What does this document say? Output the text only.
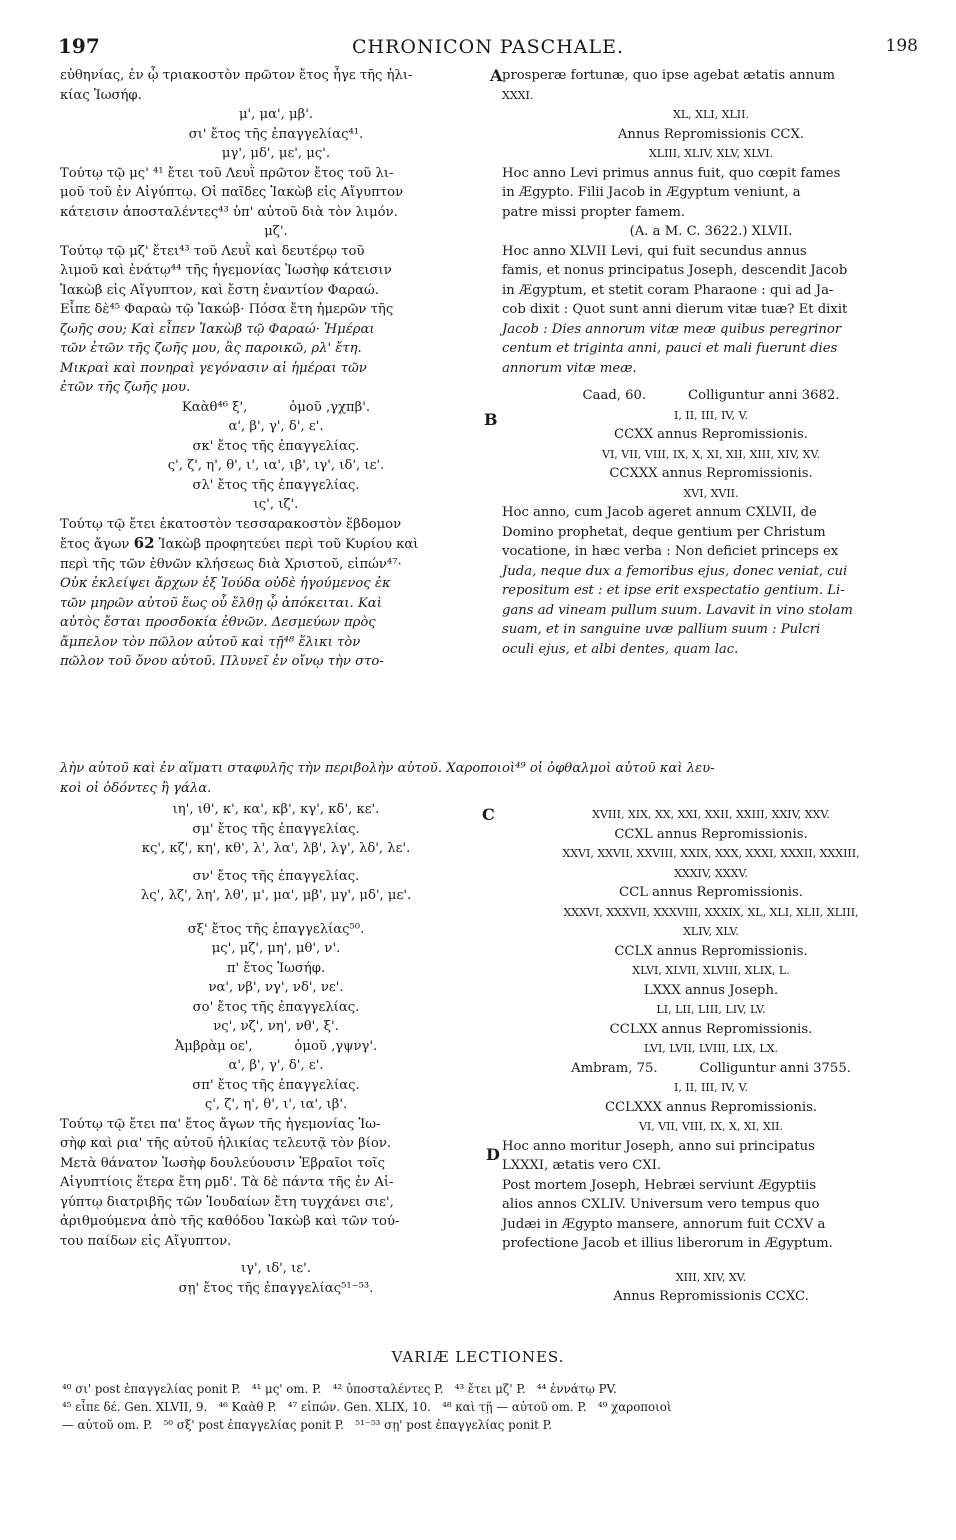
197	CHRONICON PASCHALE.	198

εὐθηνίας, ἐν ᾧ τριακοστὸν πρῶτον ἔτος ἦγε τῆς ἡλι-

κίας Ἰωσήφ.

μ', μα', μβ'.

σι' ἔτος τῆς ἐπαγγελίας⁴¹.

μγ', μδ', με', μς'.

Τούτῳ τῷ μς' ⁴¹ ἔτει τοῦ Λευῒ πρῶτον ἔτος τοῦ λι-

μοῦ τοῦ ἐν Αἰγύπτῳ. Οἱ παῖδες Ἰακὼβ εἰς Αἴγυπτον

κάτεισιν ἀποσταλέντες⁴³ ὑπ' αὐτοῦ διὰ τὸν λιμόν.

μζ'.

Τούτῳ τῷ μζ' ἔτει⁴³ τοῦ Λευῒ καὶ δευτέρῳ τοῦ

λιμοῦ καὶ ἐνάτῳ⁴⁴ τῆς ἡγεμονίας Ἰωσὴφ κάτεισιν

Ἰακὼβ εἰς Αἴγυπτον, καὶ ἔστη ἐναντίον Φαραώ.

Εἶπε δὲ⁴⁵ Φαραὼ τῷ Ἰακώβ· Πόσα ἔτη ἡμερῶν τῆς

ζωῆς σου; Καὶ εἶπεν Ἰακὼβ τῷ Φαραώ· Ἡμέραι

τῶν ἐτῶν τῆς ζωῆς μου, ἃς παροικῶ, ρλ' ἔτη.

Μικραὶ καὶ πονηραὶ γεγόνασιν αἱ ἡμέραι τῶν

ἐτῶν τῆς ζωῆς μου.

Καὰθ⁴⁶ ξ',          ὁμοῦ ‚γχπβ'.

α', β', γ', δ', ε'.

σκ' ἔτος τῆς ἐπαγγελίας.

ς', ζ', η', θ', ι', ια', ιβ', ιγ', ιδ', ιε'.

σλ' ἔτος τῆς ἐπαγγελίας.

ις', ιζ'.

Τούτῳ τῷ ἔτει ἑκατοστὸν τεσσαρακοστὸν ἕβδομον

ἔτος ἄγων 62 Ἰακὼβ προφητεύει περὶ τοῦ Κυρίου καὶ

περὶ τῆς τῶν ἐθνῶν κλήσεως διὰ Χριστοῦ, εἰπών⁴⁷·

Οὐκ ἐκλείψει ἄρχων ἐξ Ἰούδα οὐδὲ ἡγούμενος ἐκ

τῶν μηρῶν αὐτοῦ ἕως οὗ ἔλθῃ ᾧ ἀπόκειται. Καὶ

αὐτὸς ἔσται προσδοκία ἐθνῶν. Δεσμεύων πρὸς

ἄμπελον τὸν πῶλον αὐτοῦ καὶ τῇ⁴⁸ ἕλικι τὸν

πῶλον τοῦ ὄνου αὐτοῦ. Πλυνεῖ ἐν οἴνῳ τὴν στο-

λὴν αὐτοῦ καὶ ἐν αἵματι σταφυλῆς τὴν περιβολὴν αὐτοῦ. Χαροποιοὶ⁴⁹ οἱ ὀφθαλμοὶ αὐτοῦ καὶ λευ-

κοὶ οἱ ὀδόντες ἢ γάλα.

ιη', ιθ', κ', κα', κβ', κγ', κδ', κε'.

σμ' ἔτος τῆς ἐπαγγελίας.

κς', κζ', κη', κθ', λ', λα', λβ', λγ', λδ', λε'.

σν' ἔτος τῆς ἐπαγγελίας.

λς', λζ', λη', λθ', μ', μα', μβ', μγ', μδ', με'.

σξ' ἔτος τῆς ἐπαγγελίας⁵⁰.

μς', μζ', μη', μθ', ν'.

π' ἔτος Ἰωσήφ.

να', νβ', νγ', νδ', νε'.

σο' ἔτος τῆς ἐπαγγελίας.

νς', νζ', νη', νθ', ξ'.

Ἀμβρὰμ οε',          ὁμοῦ ‚γψνγ'.

α', β', γ', δ', ε'.

σπ' ἔτος τῆς ἐπαγγελίας.

ς', ζ', η', θ', ι', ια', ιβ'.

Τούτῳ τῷ ἔτει πα' ἔτος ἄγων τῆς ἡγεμονίας Ἰω-

σὴφ καὶ ρια' τῆς αὐτοῦ ἡλικίας τελευτᾷ τὸν βίον.

Μετὰ θάνατον Ἰωσὴφ δουλεύουσιν Ἑβραῖοι τοῖς

Αἰγυπτίοις ἕτερα ἔτη ρμδ'. Τὰ δὲ πάντα τῆς ἐν Αἰ-

γύπτῳ διατριβῆς τῶν Ἰουδαίων ἔτη τυγχάνει σιε',

ἀριθμούμενα ἀπὸ τῆς καθόδου Ἰακὼβ καὶ τῶν τού-

του παίδων εἰς Αἴγυπτον.

ιγ', ιδ', ιε'.

σῃ' ἔτος τῆς ἐπαγγελίας⁵¹⁻⁵³.

prosperæ fortunæ, quo ipse agebat ætatis annum

XXXI.

XL, XLI, XLII.

Annus Repromissionis CCX.

XLIII, XLIV, XLV, XLVI.

Hoc anno Levi primus annus fuit, quo cœpit fames

in Ægypto. Filii Jacob in Ægyptum veniunt, a

patre missi propter famem.

(A. a M. C. 3622.) XLVII.

Hoc anno XLVII Levi, qui fuit secundus annus

famis, et nonus principatus Joseph, descendit Jacob

in Ægyptum, et stetit coram Pharaone : qui ad Ja-

cob dixit : Quot sunt anni dierum vitæ tuæ? Et dixit

Jacob : Dies annorum vitæ meæ quibus peregrinor

centum et triginta anni, pauci et mali fuerunt dies

annorum vitæ meæ.

Caad, 60.          Colliguntur anni 3682.

I, II, III, IV, V.

CCXX annus Repromissionis.

VI, VII, VIII, IX, X, XI, XII, XIII, XIV, XV.

CCXXX annus Repromissionis.

XVI, XVII.

Hoc anno, cum Jacob ageret annum CXLVII, de

Domino prophetat, deque gentium per Christum

vocatione, in hæc verba : Non deficiet princeps ex

Juda, neque dux a femoribus ejus, donec veniat, cui

repositum est : et ipse erit exspectatio gentium. Li-

gans ad vineam pullum suum. Lavavit in vino stolam

suam, et in sanguine uvæ pallium suum : Pulcri

oculi ejus, et albi dentes, quam lac.

XVIII, XIX, XX, XXI, XXII, XXIII, XXIV, XXV.

CCXL annus Repromissionis.

XXVI, XXVII, XXVIII, XXIX, XXX, XXXI, XXXII, XXXIII,

XXXIV, XXXV.

CCL annus Repromissionis.

XXXVI, XXXVII, XXXVIII, XXXIX, XL, XLI, XLII, XLIII,

XLIV, XLV.

CCLX annus Repromissionis.

XLVI, XLVII, XLVIII, XLIX, L.

LXXX annus Joseph.

LI, LII, LIII, LIV, LV.

CCLXX annus Repromissionis.

LVI, LVII, LVIII, LIX, LX.

Ambram, 75.          Colliguntur anni 3755.

I, II, III, IV, V.

CCLXXX annus Repromissionis.

VI, VII, VIII, IX, X, XI, XII.

Hoc anno moritur Joseph, anno sui principatus

LXXXI, ætatis vero CXI.

Post mortem Joseph, Hebræi serviunt Ægyptiis

alios annos CXLIV. Universum vero tempus quo

Judæi in Ægypto mansere, annorum fuit CCXV a

profectione Jacob et illius liberorum in Ægyptum.

XIII, XIV, XV.

Annus Repromissionis CCXC.

A
B
C
D
VARIÆ LECTIONES.

⁴⁰ σι' post ἐπαγγελίας ponit P.   ⁴¹ μς' om. P.   ⁴² ὑποσταλέντες P.   ⁴³ ἔτει μζ' P.   ⁴⁴ ἐννάτῳ PV.

⁴⁵ εἶπε δέ. Gen. XLVII, 9.   ⁴⁶ Καὰθ P.   ⁴⁷ εἰπών. Gen. XLIX, 10.   ⁴⁸ καὶ τῇ — αὐτοῦ om. P.   ⁴⁹ χαροποιοὶ

— αὐτοῦ om. P.   ⁵⁰ σξ' post ἐπαγγελίας ponit P.   ⁵¹⁻⁵³ σῃ' post ἐπαγγελίας ponit P.
